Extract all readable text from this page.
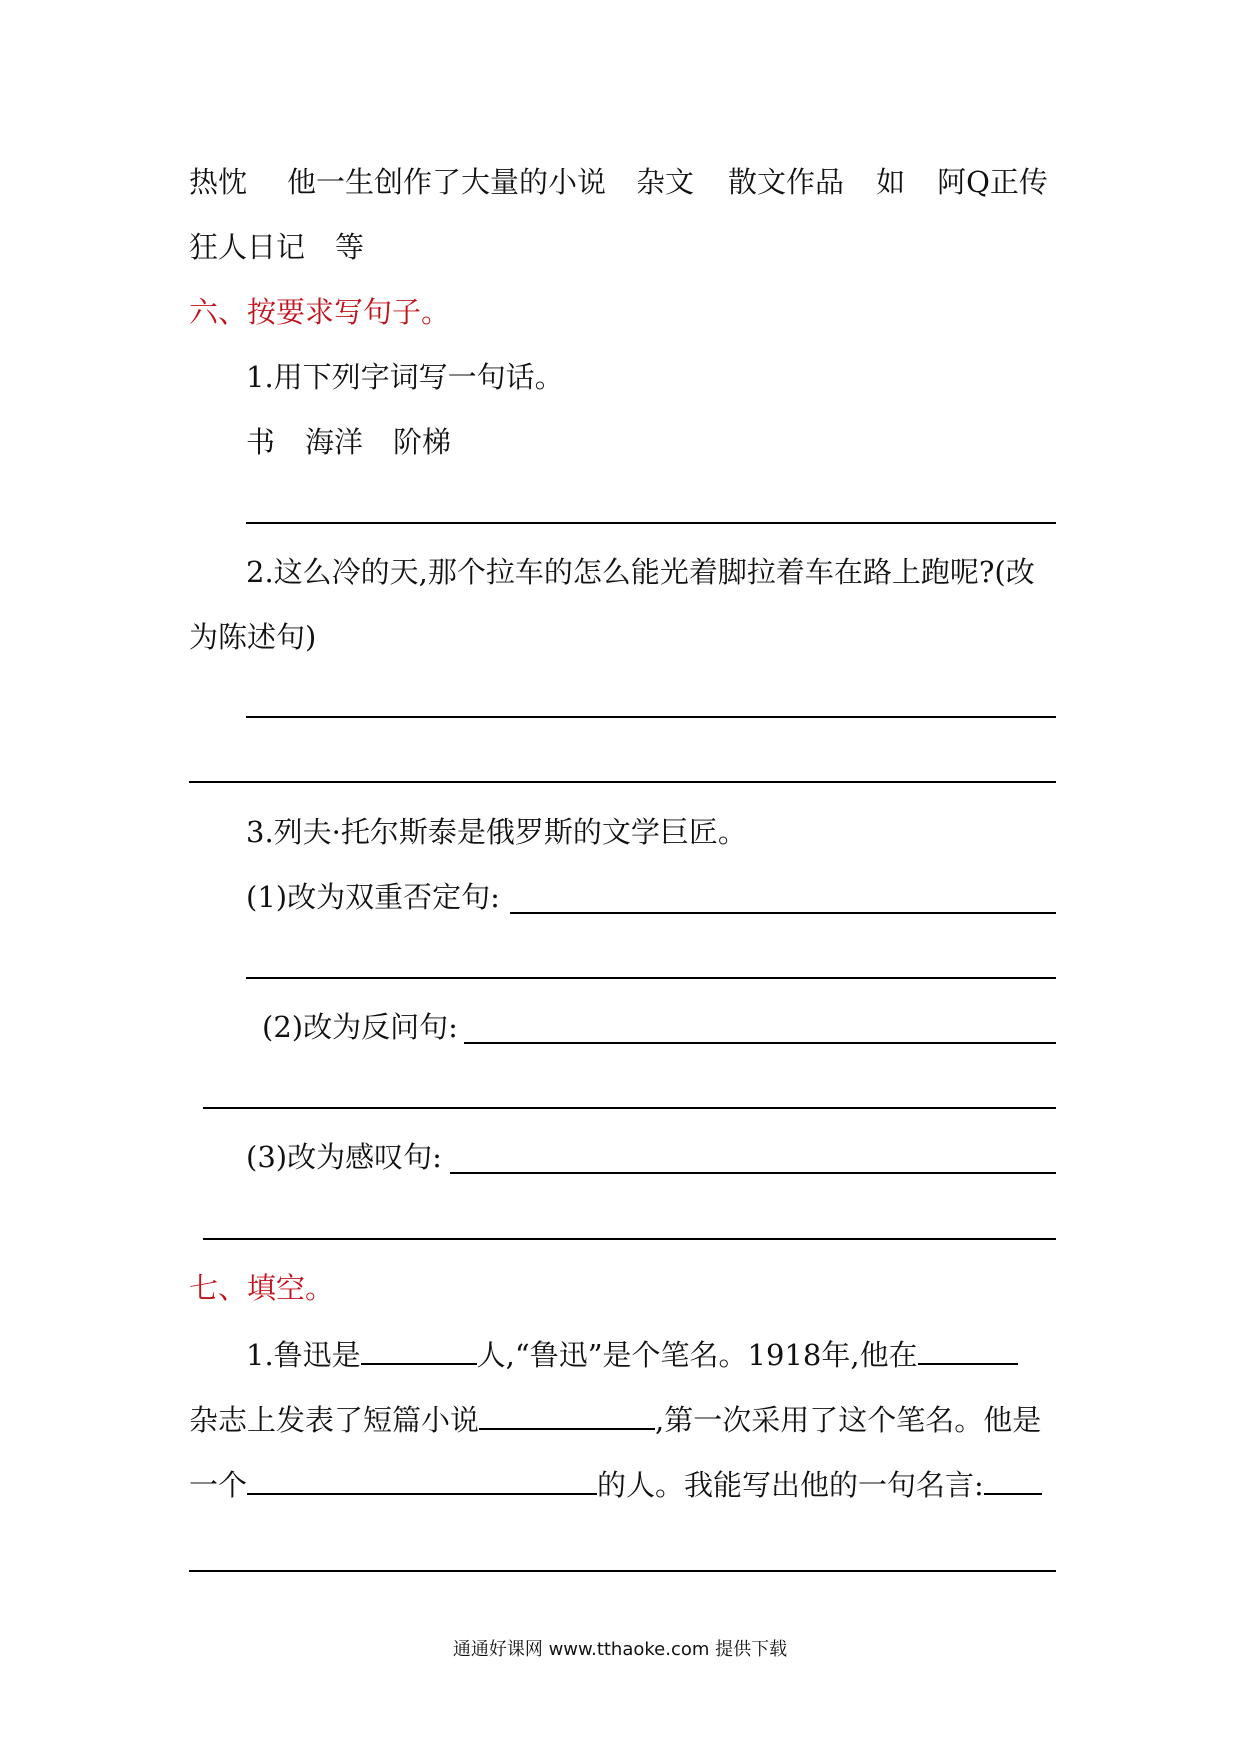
热忱 他一生创作了大量的小说 杂文 散文作品 如 阿Q正传
狂人日记 等
六、按要求写句子。
1.用下列字词写一句话。
书 海洋 阶梯
2.这么冷的天,那个拉车的怎么能光着脚拉着车在路上跑呢?(改
为陈述句)
3.列夫·托尔斯泰是俄罗斯的文学巨匠。
(1)改为双重否定句:
(2)改为反问句:
(3)改为感叹句:
七、填空。
1.鲁迅是	人,“鲁迅”是个笔名。1918年,他在
杂志上发表了短篇小说	,第一次采用了这个笔名。他是
一个	的人。我能写出他的一句名言:
通通好课网 www.tthaoke.com 提供下载
